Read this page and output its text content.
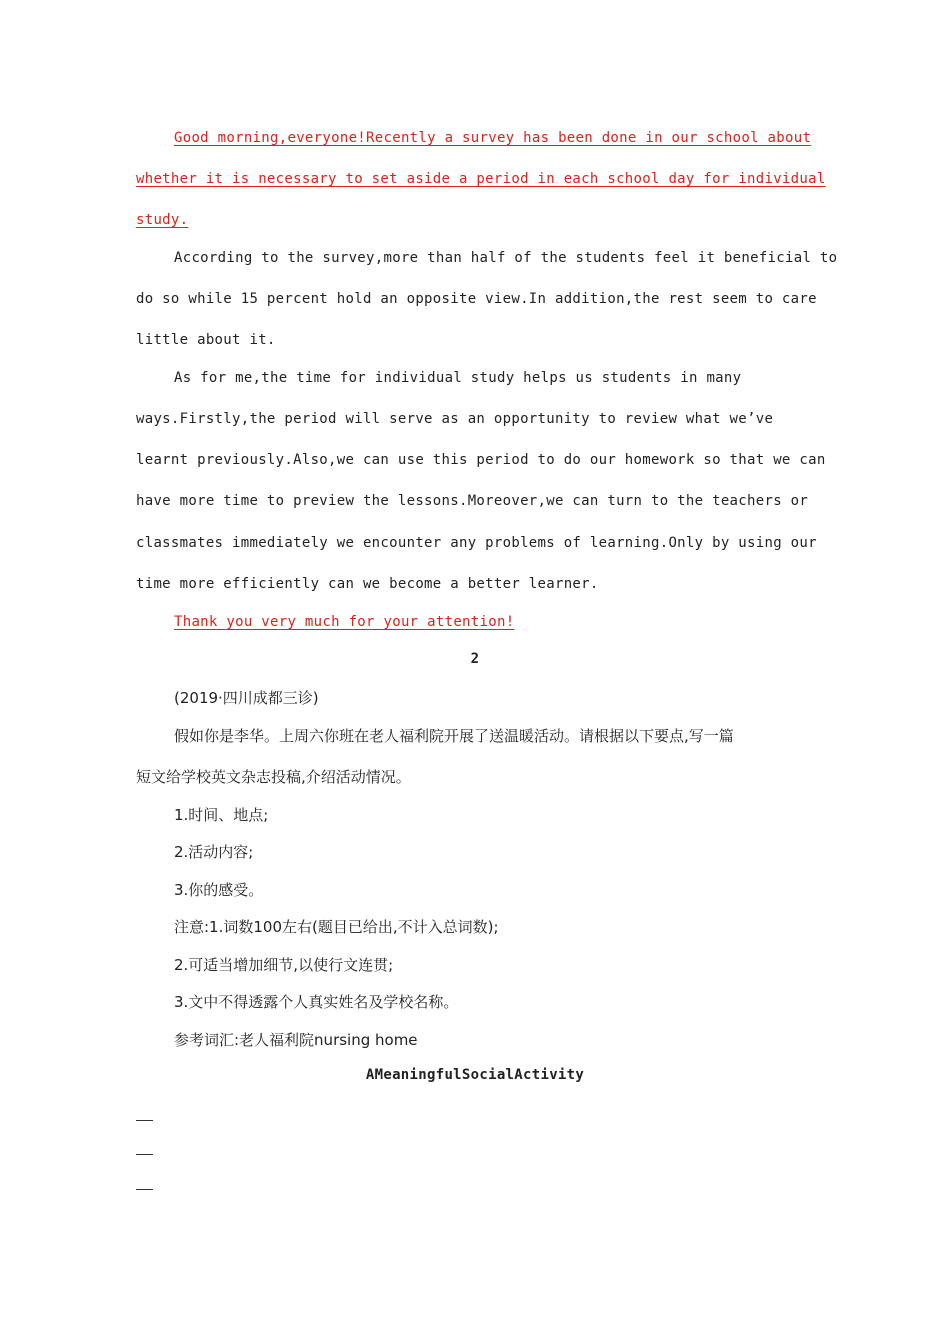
Good morning,everyone!Recently a survey has been done in our school about
whether it is necessary to set aside a period in each school day for individual
study.
According to the survey,more than half of the students feel it beneficial to
do so while 15 percent hold an opposite view.In addition,the rest seem to care
little about it.
As for me,the time for individual study helps us students in many
ways.Firstly,the period will serve as an opportunity to review what we’ve
learnt previously.Also,we can use this period to do our homework so that we can
have more time to preview the lessons.Moreover,we can turn to the teachers or
classmates immediately we encounter any problems of learning.Only by using our
time more efficiently can we become a better learner.
Thank you very much for your attention!
2
(2019·四川成都三诊)
假如你是李华。上周六你班在老人福利院开展了送温暖活动。请根据以下要点,写一篇
短文给学校英文杂志投稿,介绍活动情况。
1.时间、地点;
2.活动内容;
3.你的感受。
注意:1.词数100左右(题目已给出,不计入总词数);
2.可适当增加细节,以使行文连贯;
3.文中不得透露个人真实姓名及学校名称。
参考词汇:老人福利院nursing home
AMeaningfulSocialActivity
